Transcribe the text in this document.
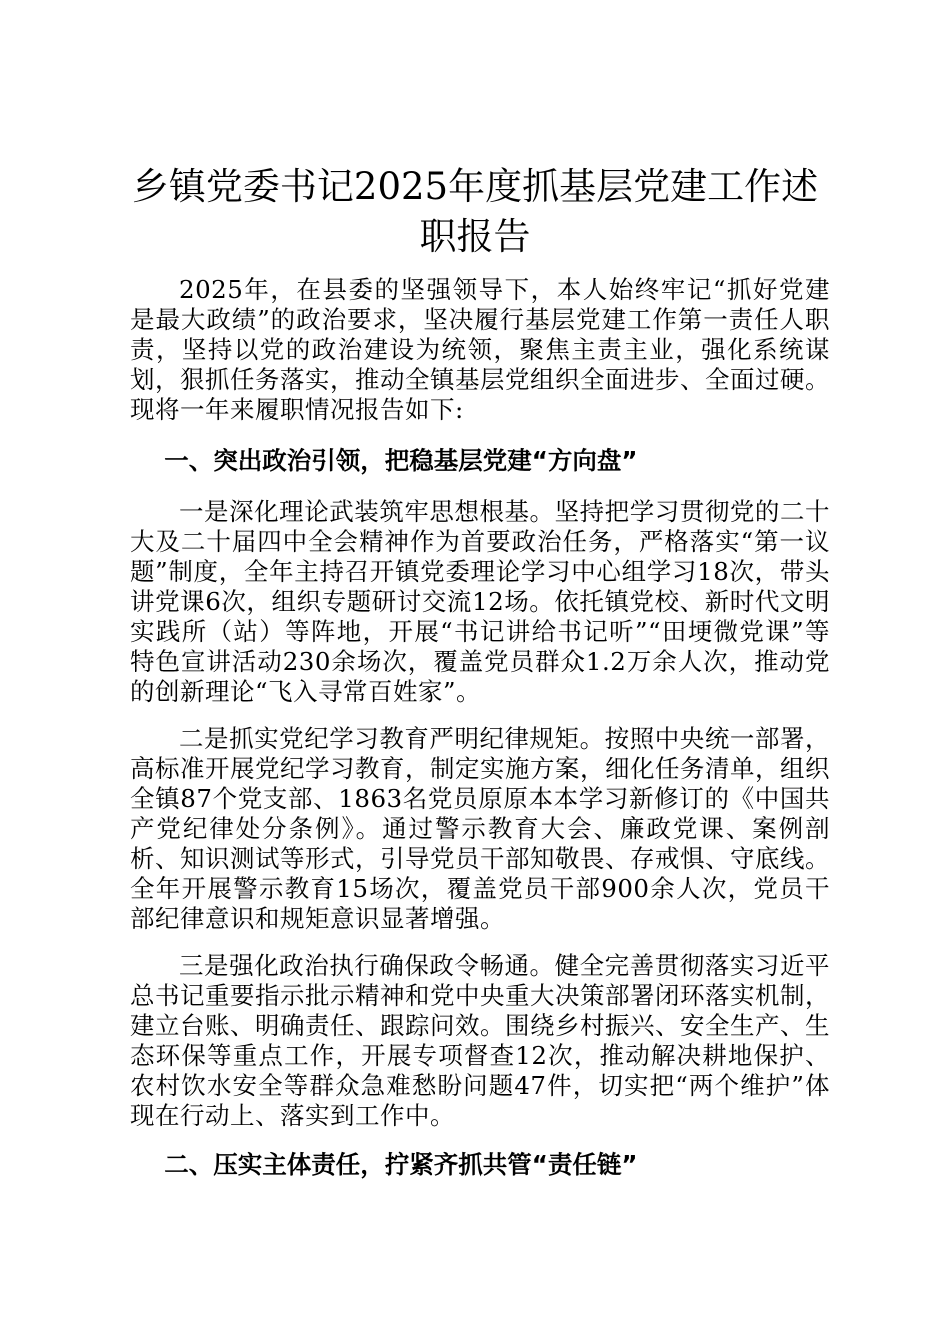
乡镇党委书记2025年度抓基层党建工作述职报告

2025年，在县委的坚强领导下，本人始终牢记“抓好党建是最大政绩”的政治要求，坚决履行基层党建工作第一责任人职责，坚持以党的政治建设为统领，聚焦主责主业，强化系统谋划，狠抓任务落实，推动全镇基层党组织全面进步、全面过硬。现将一年来履职情况报告如下:

一、突出政治引领，把稳基层党建“方向盘”

一是深化理论武装筑牢思想根基。坚持把学习贯彻党的二十大及二十届四中全会精神作为首要政治任务，严格落实“第一议题”制度，全年主持召开镇党委理论学习中心组学习18次，带头讲党课6次，组织专题研讨交流12场。依托镇党校、新时代文明实践所（站）等阵地，开展“书记讲给书记听”“田埂微党课”等特色宣讲活动230余场次，覆盖党员群众1.2万余人次，推动党的创新理论“飞入寻常百姓家”。

二是抓实党纪学习教育严明纪律规矩。按照中央统一部署，高标准开展党纪学习教育，制定实施方案，细化任务清单，组织全镇87个党支部、1863名党员原原本本学习新修订的《中国共产党纪律处分条例》。通过警示教育大会、廉政党课、案例剖析、知识测试等形式，引导党员干部知敬畏、存戒惧、守底线。全年开展警示教育15场次，覆盖党员干部900余人次，党员干部纪律意识和规矩意识显著增强。

三是强化政治执行确保政令畅通。健全完善贯彻落实习近平总书记重要指示批示精神和党中央重大决策部署闭环落实机制，建立台账、明确责任、跟踪问效。围绕乡村振兴、安全生产、生态环保等重点工作，开展专项督查12次，推动解决耕地保护、农村饮水安全等群众急难愁盼问题47件，切实把“两个维护”体现在行动上、落实到工作中。

二、压实主体责任，拧紧齐抓共管“责任链”
